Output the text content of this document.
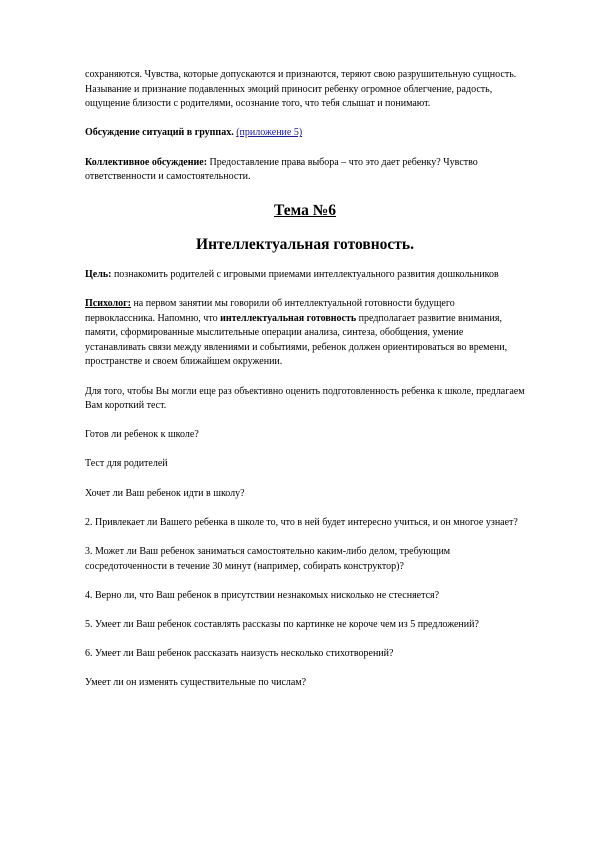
сохраняются. Чувства, которые допускаются и признаются, теряют свою разрушительную сущность. Называние и признание подавленных эмоций приносит ребенку огромное облегчение, радость, ощущение близости с родителями, осознание того, что тебя слышат и понимают.

Обсуждение ситуаций в группах. (приложение 5)

Коллективное обсуждение: Предоставление права выбора – что это дает ребенку? Чувство ответственности и самостоятельности.

Тема №6

Интеллектуальная готовность.

Цель: познакомить родителей с игровыми приемами интеллектуального развития дошкольников

Психолог: на первом занятии мы говорили об интеллектуальной готовности будущего первоклассника. Напомню, что интеллектуальная готовность предполагает развитие внимания, памяти, сформированные мыслительные операции анализа, синтеза, обобщения, умение устанавливать связи между явлениями и событиями, ребенок должен ориентироваться во времени, пространстве и своем ближайшем окружении.

Для того, чтобы Вы могли еще раз объективно оценить подготовленность ребенка к школе, предлагаем Вам короткий тест.

Готов ли ребенок к школе?

Тест для родителей

Хочет ли Ваш ребенок идти в школу?

2. Привлекает ли Вашего ребенка в школе то, что в ней будет интересно учиться, и он многое узнает?

3. Может ли Ваш ребенок заниматься самостоятельно каким-либо делом, требующим сосредоточенности в течение 30 минут (например, собирать конструктор)?

4. Верно ли, что Ваш ребенок в присутствии незнакомых нисколько не стесняется?

5. Умеет ли Ваш ребенок составлять рассказы по картинке не короче чем из 5 предложений?

6. Умеет ли Ваш ребенок рассказать наизусть несколько стихотворений?

Умеет ли он изменять существительные по числам?
